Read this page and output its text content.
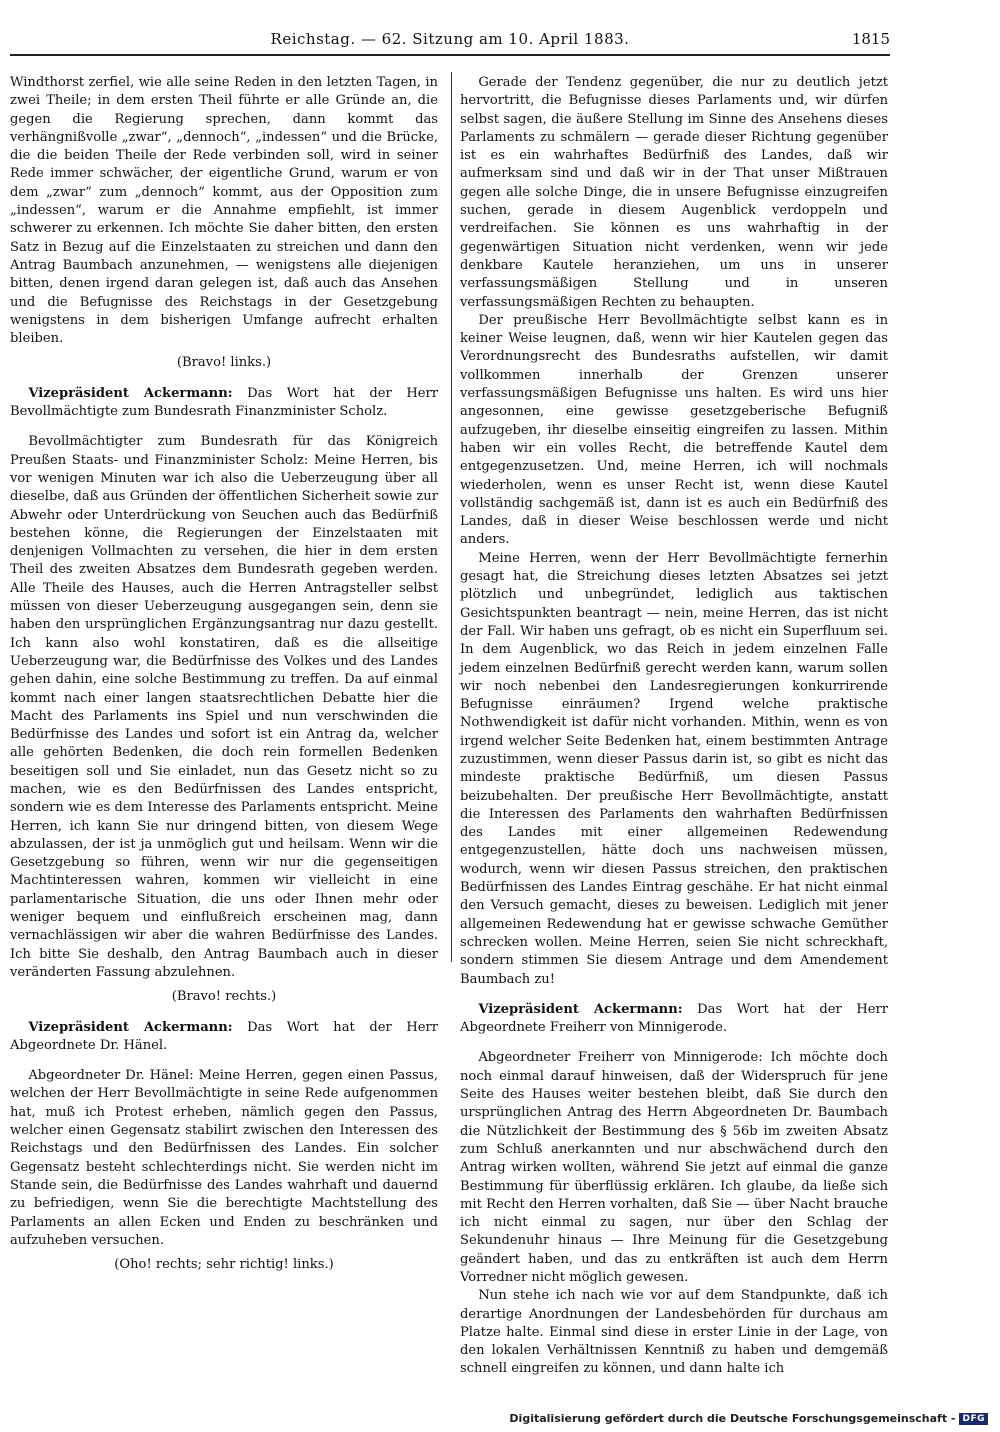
Reichstag. — 62. Sitzung am 10. April 1883.	1815

Windthorst zerfiel, wie alle seine Reden in den letzten Tagen, in zwei Theile; in dem ersten Theil führte er alle Gründe an, die gegen die Regierung sprechen, dann kommt das verhängnißvolle „zwar“, „dennoch“, „indessen“ und die Brücke, die die beiden Theile der Rede verbinden soll, wird in seiner Rede immer schwächer, der eigentliche Grund, warum er von dem „zwar“ zum „dennoch“ kommt, aus der Opposition zum „indessen“, warum er die Annahme empfiehlt, ist immer schwerer zu erkennen. Ich möchte Sie daher bitten, den ersten Satz in Bezug auf die Einzelstaaten zu streichen und dann den Antrag Baumbach anzunehmen, — wenigstens alle diejenigen bitten, denen irgend daran gelegen ist, daß auch das Ansehen und die Befugnisse des Reichstags in der Gesetzgebung wenigstens in dem bisherigen Umfange aufrecht erhalten bleiben.

(Bravo! links.)

Vizepräsident Ackermann: Das Wort hat der Herr Bevollmächtigte zum Bundesrath Finanzminister Scholz.

Bevollmächtigter zum Bundesrath für das Königreich Preußen Staats- und Finanzminister Scholz: Meine Herren, bis vor wenigen Minuten war ich also die Ueberzeugung über all dieselbe, daß aus Gründen der öffentlichen Sicherheit sowie zur Abwehr oder Unterdrückung von Seuchen auch das Bedürfniß bestehen könne, die Regierungen der Einzelstaaten mit denjenigen Vollmachten zu versehen, die hier in dem ersten Theil des zweiten Absatzes dem Bundesrath gegeben werden. Alle Theile des Hauses, auch die Herren Antragsteller selbst müssen von dieser Ueberzeugung ausgegangen sein, denn sie haben den ursprünglichen Ergänzungsantrag nur dazu gestellt. Ich kann also wohl konstatiren, daß es die allseitige Ueberzeugung war, die Bedürfnisse des Volkes und des Landes gehen dahin, eine solche Bestimmung zu treffen. Da auf einmal kommt nach einer langen staatsrechtlichen Debatte hier die Macht des Parlaments ins Spiel und nun verschwinden die Bedürfnisse des Landes und sofort ist ein Antrag da, welcher alle gehörten Bedenken, die doch rein formellen Bedenken beseitigen soll und Sie einladet, nun das Gesetz nicht so zu machen, wie es den Bedürfnissen des Landes entspricht, sondern wie es dem Interesse des Parlaments entspricht. Meine Herren, ich kann Sie nur dringend bitten, von diesem Wege abzulassen, der ist ja unmöglich gut und heilsam. Wenn wir die Gesetzgebung so führen, wenn wir nur die gegenseitigen Machtinteressen wahren, kommen wir vielleicht in eine parlamentarische Situation, die uns oder Ihnen mehr oder weniger bequem und einflußreich erscheinen mag, dann vernachlässigen wir aber die wahren Bedürfnisse des Landes. Ich bitte Sie deshalb, den Antrag Baumbach auch in dieser veränderten Fassung abzulehnen.

(Bravo! rechts.)

Vizepräsident Ackermann: Das Wort hat der Herr Abgeordnete Dr. Hänel.

Abgeordneter Dr. Hänel: Meine Herren, gegen einen Passus, welchen der Herr Bevollmächtigte in seine Rede aufgenommen hat, muß ich Protest erheben, nämlich gegen den Passus, welcher einen Gegensatz stabilirt zwischen den Interessen des Reichstags und den Bedürfnissen des Landes. Ein solcher Gegensatz besteht schlechterdings nicht. Sie werden nicht im Stande sein, die Bedürfnisse des Landes wahrhaft und dauernd zu befriedigen, wenn Sie die berechtigte Machtstellung des Parlaments an allen Ecken und Enden zu beschränken und aufzuheben versuchen.

(Oho! rechts; sehr richtig! links.)

Gerade der Tendenz gegenüber, die nur zu deutlich jetzt hervortritt, die Befugnisse dieses Parlaments und, wir dürfen selbst sagen, die äußere Stellung im Sinne des Ansehens dieses Parlaments zu schmälern — gerade dieser Richtung gegenüber ist es ein wahrhaftes Bedürfniß des Landes, daß wir aufmerksam sind und daß wir in der That unser Mißtrauen gegen alle solche Dinge, die in unsere Befugnisse einzugreifen suchen, gerade in diesem Augenblick verdoppeln und verdreifachen. Sie können es uns wahrhaftig in der gegenwärtigen Situation nicht verdenken, wenn wir jede denkbare Kautele heranziehen, um uns in unserer verfassungsmäßigen Stellung und in unseren verfassungsmäßigen Rechten zu behaupten.

Der preußische Herr Bevollmächtigte selbst kann es in keiner Weise leugnen, daß, wenn wir hier Kautelen gegen das Verordnungsrecht des Bundesraths aufstellen, wir damit vollkommen innerhalb der Grenzen unserer verfassungsmäßigen Befugnisse uns halten. Es wird uns hier angesonnen, eine gewisse gesetzgeberische Befugniß aufzugeben, ihr dieselbe einseitig eingreifen zu lassen. Mithin haben wir ein volles Recht, die betreffende Kautel dem entgegenzusetzen. Und, meine Herren, ich will nochmals wiederholen, wenn es unser Recht ist, wenn diese Kautel vollständig sachgemäß ist, dann ist es auch ein Bedürfniß des Landes, daß in dieser Weise beschlossen werde und nicht anders.

Meine Herren, wenn der Herr Bevollmächtigte fernerhin gesagt hat, die Streichung dieses letzten Absatzes sei jetzt plötzlich und unbegründet, lediglich aus taktischen Gesichtspunkten beantragt — nein, meine Herren, das ist nicht der Fall. Wir haben uns gefragt, ob es nicht ein Superfluum sei. In dem Augenblick, wo das Reich in jedem einzelnen Falle jedem einzelnen Bedürfniß gerecht werden kann, warum sollen wir noch nebenbei den Landesregierungen konkurrirende Befugnisse einräumen? Irgend welche praktische Nothwendigkeit ist dafür nicht vorhanden. Mithin, wenn es von irgend welcher Seite Bedenken hat, einem bestimmten Antrage zuzustimmen, wenn dieser Passus darin ist, so gibt es nicht das mindeste praktische Bedürfniß, um diesen Passus beizubehalten. Der preußische Herr Bevollmächtigte, anstatt die Interessen des Parlaments den wahrhaften Bedürfnissen des Landes mit einer allgemeinen Redewendung entgegenzustellen, hätte doch uns nachweisen müssen, wodurch, wenn wir diesen Passus streichen, den praktischen Bedürfnissen des Landes Eintrag geschähe. Er hat nicht einmal den Versuch gemacht, dieses zu beweisen. Lediglich mit jener allgemeinen Redewendung hat er gewisse schwache Gemüther schrecken wollen. Meine Herren, seien Sie nicht schreckhaft, sondern stimmen Sie diesem Antrage und dem Amendement Baumbach zu!

Vizepräsident Ackermann: Das Wort hat der Herr Abgeordnete Freiherr von Minnigerode.

Abgeordneter Freiherr von Minnigerode: Ich möchte doch noch einmal darauf hinweisen, daß der Widerspruch für jene Seite des Hauses weiter bestehen bleibt, daß Sie durch den ursprünglichen Antrag des Herrn Abgeordneten Dr. Baumbach die Nützlichkeit der Bestimmung des § 56b im zweiten Absatz zum Schluß anerkannten und nur abschwächend durch den Antrag wirken wollten, während Sie jetzt auf einmal die ganze Bestimmung für überflüssig erklären. Ich glaube, da ließe sich mit Recht den Herren vorhalten, daß Sie — über Nacht brauche ich nicht einmal zu sagen, nur über den Schlag der Sekundenuhr hinaus — Ihre Meinung für die Gesetzgebung geändert haben, und das zu entkräften ist auch dem Herrn Vorredner nicht möglich gewesen.

Nun stehe ich nach wie vor auf dem Standpunkte, daß ich derartige Anordnungen der Landesbehörden für durchaus am Platze halte. Einmal sind diese in erster Linie in der Lage, von den lokalen Verhältnissen Kenntniß zu haben und demgemäß schnell eingreifen zu können, und dann halte ich

Digitalisierung gefördert durch die Deutsche Forschungsgemeinschaft - DFG
